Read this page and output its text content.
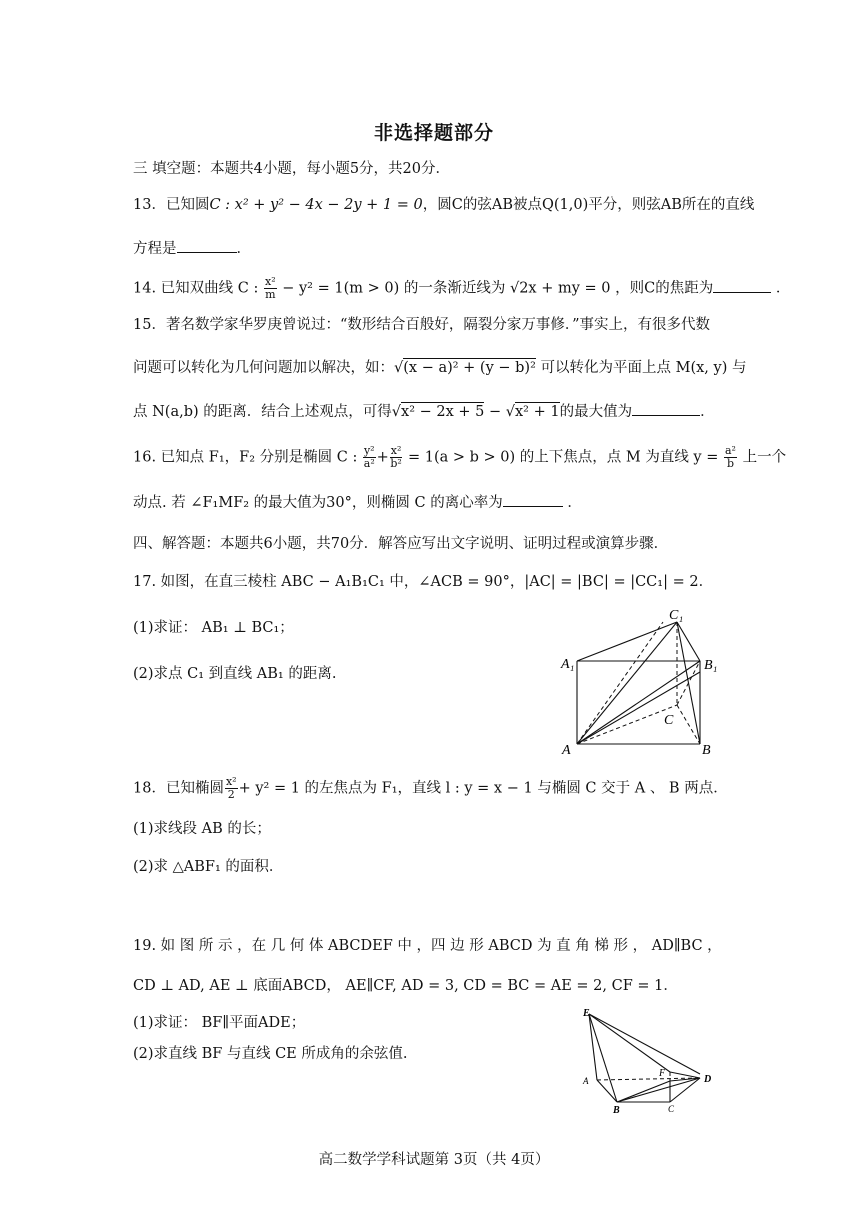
非选择题部分
三 填空题：本题共4小题，每小题5分，共20分．
13．已知圆C : x² + y² − 4x − 2y + 1 = 0，圆C的弦AB被点Q(1,0)平分，则弦AB所在的直线
方程是	．
14. 已知双曲线 C : $\frac{\text{x²}}{m} - y^2 = 1(m > 0)$ 的一条渐近线为 √2x + my = 0 ，则C的焦距为	．
15．著名数学家华罗庚曾说过：“数形结合百般好，隔裂分家万事修．”事实上，有很多代数
问题可以转化为几何问题加以解决，如：√(x − a)² + (y − b)² 可以转化为平面上点 M(x, y) 与
点 N(a,b) 的距离．结合上述观点，可得√x² − 2x + 5 − √x² + 1的最大值为	．
16. 已知点 F₁，F₂ 分别是椭圆 C : $\frac{\text{y²}}{\text{a²}} + \frac{\text{x²}}{\text{b²}} = 1(a > b > 0)$ 的上下焦点，点 M 为直线 $y = \frac{\text{a²}}{b}$ 上一个
动点. 若 ∠F₁MF₂ 的最大值为30°，则椭圆 C 的离心率为	．
四、解答题：本题共6小题，共70分．解答应写出文字说明、证明过程或演算步骤．
17. 如图，在直三棱柱 ABC − A₁B₁C₁ 中，∠ACB = 90°，|AC| = |BC| = |CC₁| = 2．
(1)求证： AB₁ ⊥ BC₁；
(2)求点 C₁ 到直线 AB₁ 的距离.
A₁
C₁
B₁
C
A	B
18．已知椭圆 $\frac{\text{x²}}{2} + y^2 = 1$ 的左焦点为 F₁，直线 l : y = x − 1 与椭圆 C 交于 A 、 B 两点．
(1)求线段 AB 的长；
(2)求 △ABF₁ 的面积．
19. 如 图 所 示 ，在 几 何 体 ABCDEF 中 ，四 边 形 ABCD 为 直 角 梯 形 ， AD∥BC ，
CD ⊥ AD, AE ⊥ 底面ABCD， AE∥CF, AD = 3, CD = BC = AE = 2, CF = 1．
(1)求证： BF∥平面ADE；
(2)求直线 BF 与直线 CE 所成角的余弦值.
E
A
B	C
D
F
高二数学学科试题第 3页（共 4页）
